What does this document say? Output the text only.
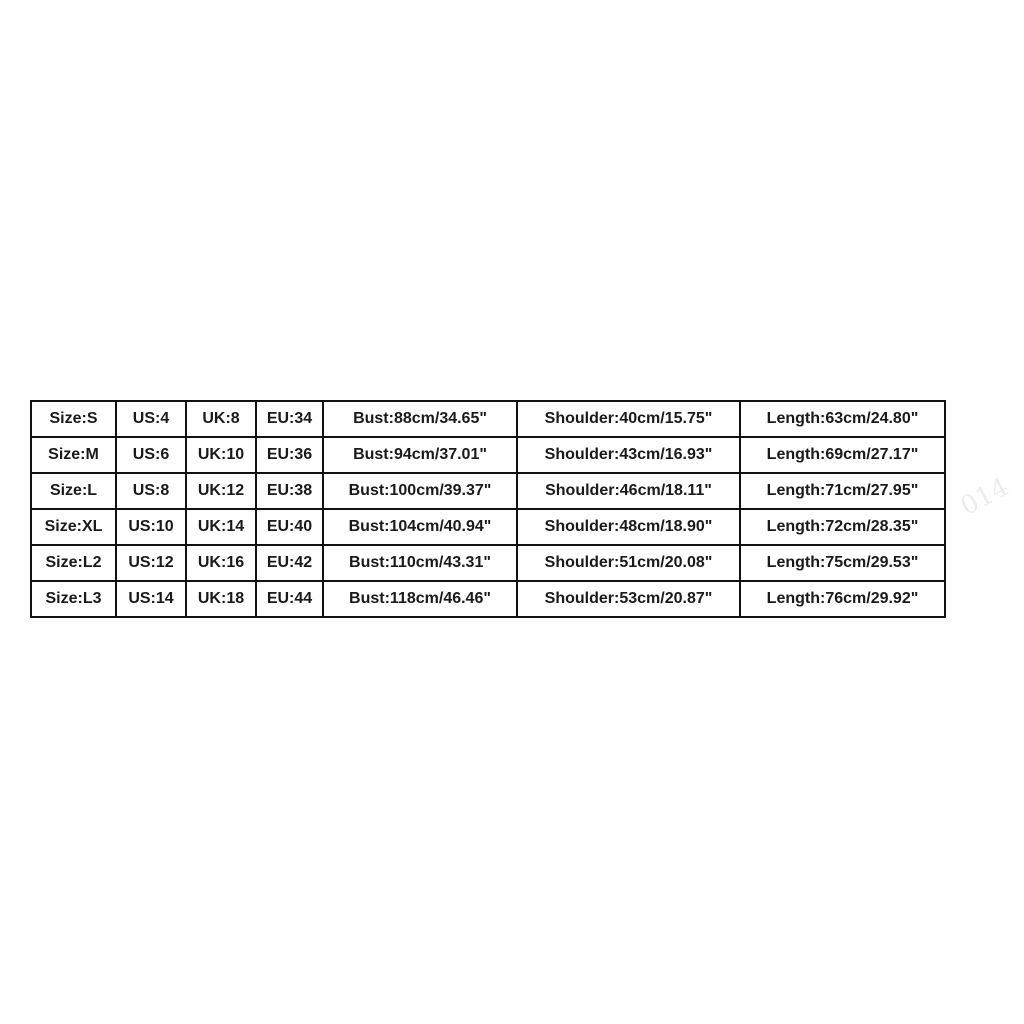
014
Size:S	US:4	UK:8	EU:34	Bust:88cm/34.65"	Shoulder:40cm/15.75"	Length:63cm/24.80"
Size:M	US:6	UK:10	EU:36	Bust:94cm/37.01"	Shoulder:43cm/16.93"	Length:69cm/27.17"
Size:L	US:8	UK:12	EU:38	Bust:100cm/39.37"	Shoulder:46cm/18.11"	Length:71cm/27.95"
Size:XL	US:10	UK:14	EU:40	Bust:104cm/40.94"	Shoulder:48cm/18.90"	Length:72cm/28.35"
Size:L2	US:12	UK:16	EU:42	Bust:110cm/43.31"	Shoulder:51cm/20.08"	Length:75cm/29.53"
Size:L3	US:14	UK:18	EU:44	Bust:118cm/46.46"	Shoulder:53cm/20.87"	Length:76cm/29.92"
